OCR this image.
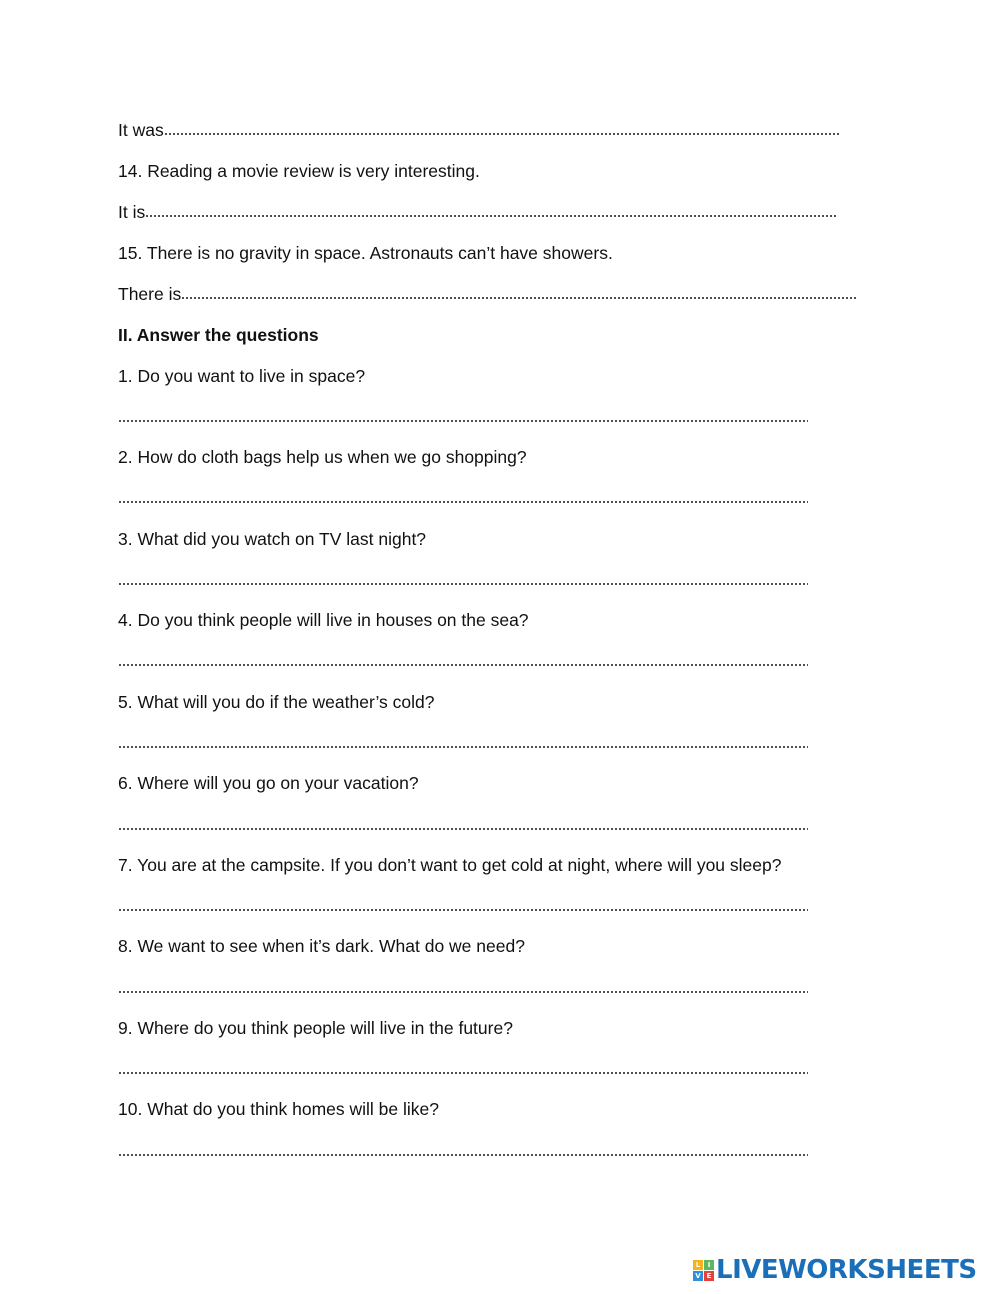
It was
14. Reading a movie review is very interesting.
It is
15. There is no gravity in space. Astronauts can’t have showers.
There is
II. Answer the questions
1. Do you want to live in space?
2. How do cloth bags help us when we go shopping?
3. What did you watch on TV last night?
4. Do you think people will live in houses on the sea?
5. What will you do if the weather’s cold?
6. Where will you go on your vacation?
7. You are at the campsite. If you don’t want to get cold at night, where will you sleep?
8. We want to see when it’s dark. What do we need?
9. Where do you think people will live in the future?
10. What do you think homes will be like?
L	I
V E LIVEWORKSHEETS
